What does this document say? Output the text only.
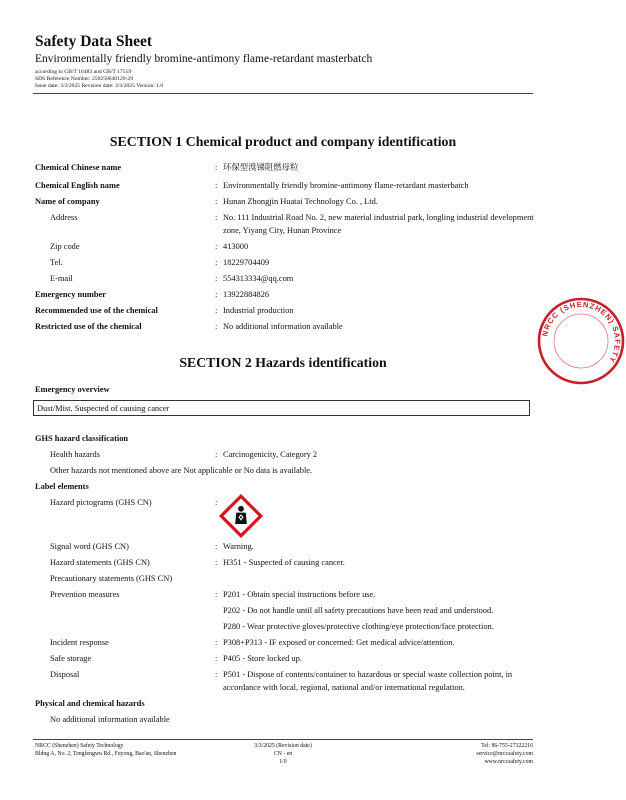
Safety Data Sheet
Environmentally friendly bromine-antimony flame-retardant masterbatch
according to GB/T 16483 and GB/T 17519
SDS Reference Number: 250250640129-29
Issue date: 3/3/2025 Revision date: 3/3/2025 Version: 1.0
SECTION 1 Chemical product and company identification
Chemical Chinese name	: 环保型溴锑阻燃母粒
Chemical English name	: Environmentally friendly bromine-antimony flame-retardant masterbatch
Name of company	: Hunan Zhongjin Huatai Technology Co. , Ltd.
Address	: No. 111 Industrial Road No. 2, new material industrial park, longling industrial development zone, Yiyang City, Hunan Province
Zip code	: 413000
Tel.	: 18229704409
E-mail	: 554313334@qq.com
Emergency number	: 13922884826
Recommended use of the chemical	: Industrial production
Restricted use of the chemical	: No additional information available
SECTION 2 Hazards identification
Emergency overview
Dust/Mist. Suspected of causing cancer
GHS hazard classification
Health hazards	: Carcinogenicity, Category 2
Other hazards not mentioned above are Not applicable or No data is available.
Label elements
Hazard pictograms (GHS CN)	:
Signal word (GHS CN)	: Warning.
Hazard statements (GHS CN)	: H351 - Suspected of causing cancer.
Precautionary statements (GHS CN)
Prevention measures	: P201 - Obtain special instructions before use.
P202 - Do not handle until all safety precautions have been read and understood.
P280 - Wear protective gloves/protective clothing/eye protection/face protection.
Incident response	: P308+P313 - IF exposed or concerned: Get medical advice/attention.
Safe storage	: P405 - Store locked up.
Disposal	: P501 - Dispose of contents/container to hazardous or special waste collection point, in accordance with local, regional, national and/or international regulation.
Physical and chemical hazards
No additional information available
NRCC (Shenzhen) Safety Technology
Bldng A, No. 2, Tengfengwu Rd., Fuyong, Bao'an, Shenzhen
3/3/2025 (Revision date)
CN - en
1/9
Tel: 86-755-27322216
service@nrccsafety.com
www.nrccsafety.com
NRCC (SHENZHEN) SAFETY
